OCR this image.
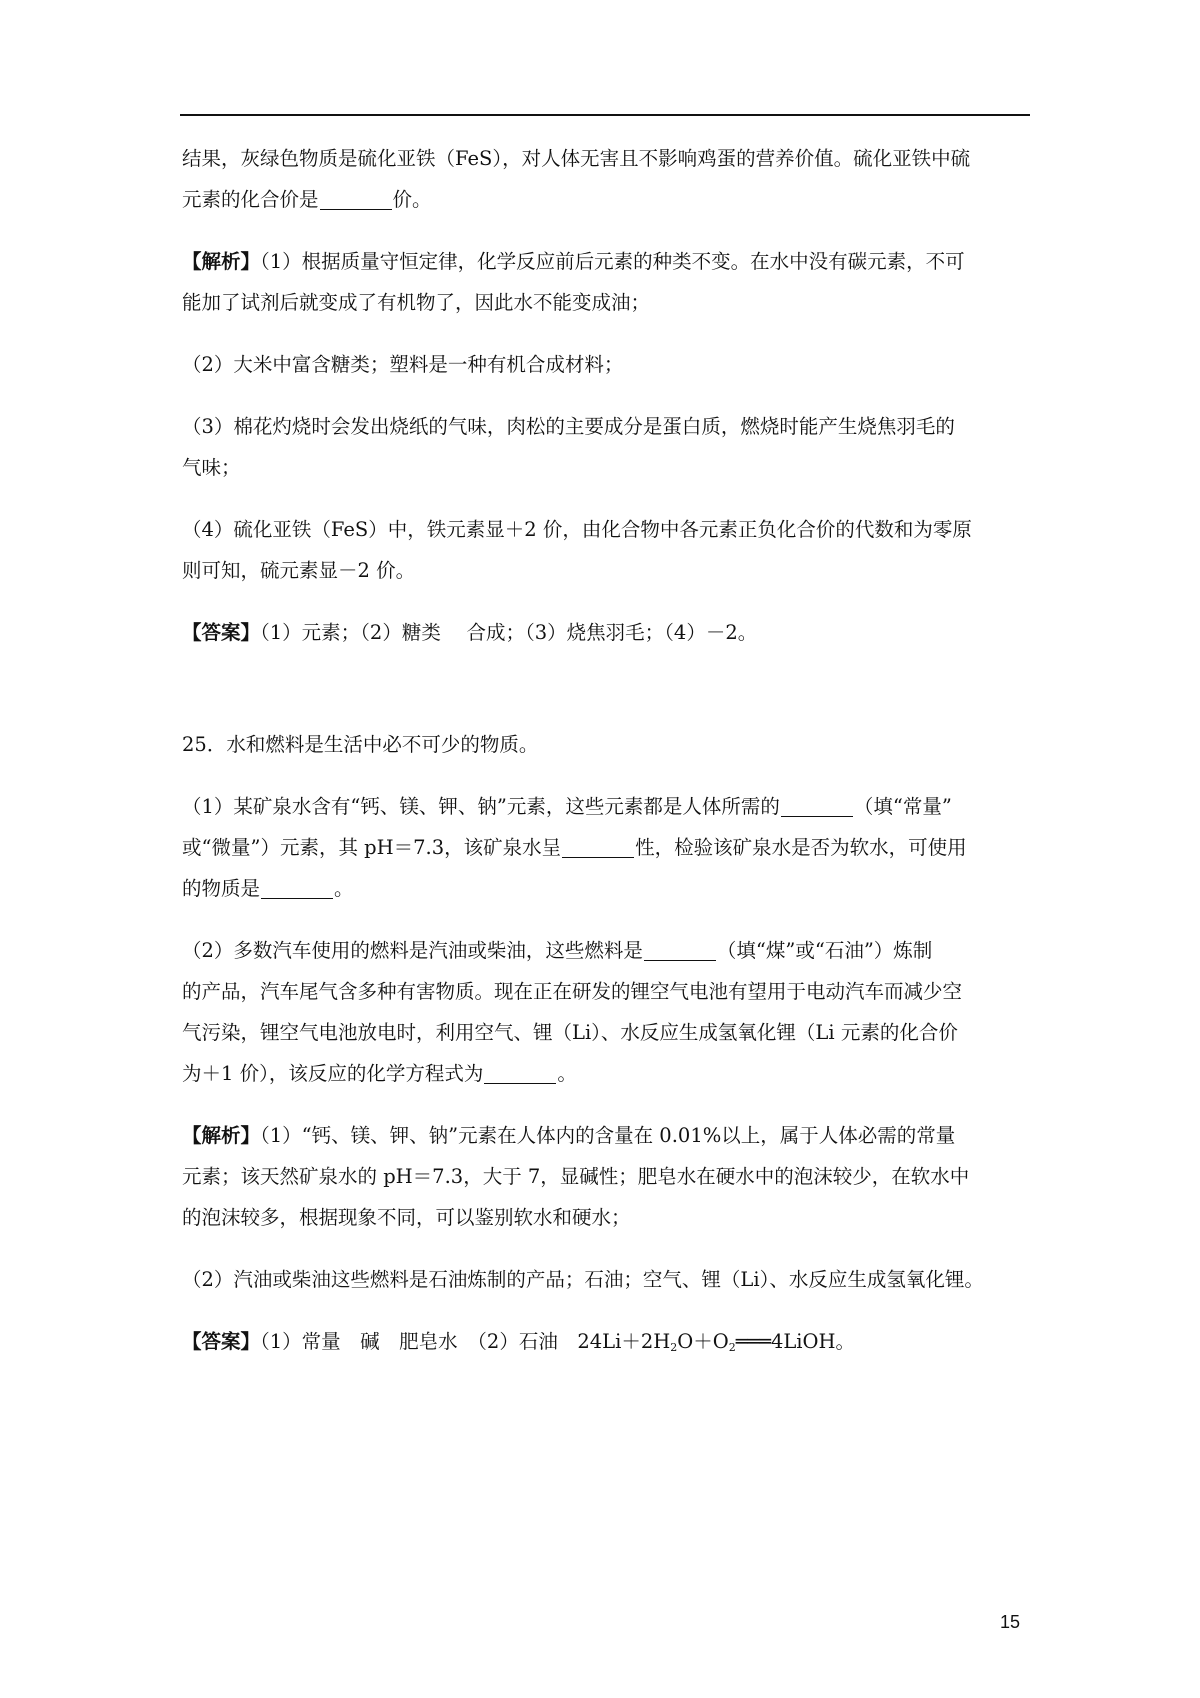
结果，灰绿色物质是硫化亚铁（FeS），对人体无害且不影响鸡蛋的营养价值。硫化亚铁中硫
元素的化合价是	价。

【解析】（1）根据质量守恒定律，化学反应前后元素的种类不变。在水中没有碳元素，不可
能加了试剂后就变成了有机物了，因此水不能变成油；

（2）大米中富含糖类；塑料是一种有机合成材料；

（3）棉花灼烧时会发出烧纸的气味，肉松的主要成分是蛋白质，燃烧时能产生烧焦羽毛的
气味；

（4）硫化亚铁（FeS）中，铁元素显＋2 价，由化合物中各元素正负化合价的代数和为零原
则可知，硫元素显－2 价。

【答案】（1）元素；（2）糖类　 合成；（3）烧焦羽毛；（4）－2。

25．水和燃料是生活中必不可少的物质。

（1）某矿泉水含有“钙、镁、钾、钠”元素，这些元素都是人体所需的	（填“常量”
或“微量”）元素，其 pH＝7.3，该矿泉水呈	性，检验该矿泉水是否为软水，可使用
的物质是	。

（2）多数汽车使用的燃料是汽油或柴油，这些燃料是	（填“煤”或“石油”）炼制
的产品，汽车尾气含多种有害物质。现在正在研发的锂空气电池有望用于电动汽车而减少空
气污染，锂空气电池放电时，利用空气、锂（Li）、水反应生成氢氧化锂（Li 元素的化合价
为＋1 价），该反应的化学方程式为	。

【解析】（1）“钙、镁、钾、钠”元素在人体内的含量在 0.01%以上，属于人体必需的常量
元素；该天然矿泉水的 pH＝7.3，大于 7，显碱性；肥皂水在硬水中的泡沫较少，在软水中
的泡沫较多，根据现象不同，可以鉴别软水和硬水；

（2）汽油或柴油这些燃料是石油炼制的产品；石油；空气、锂（Li）、水反应生成氢氧化锂。

【答案】（1）常量　碱　肥皂水　（2）石油　$24Li+2H_2O+O_2═══4LiOH$。

15
